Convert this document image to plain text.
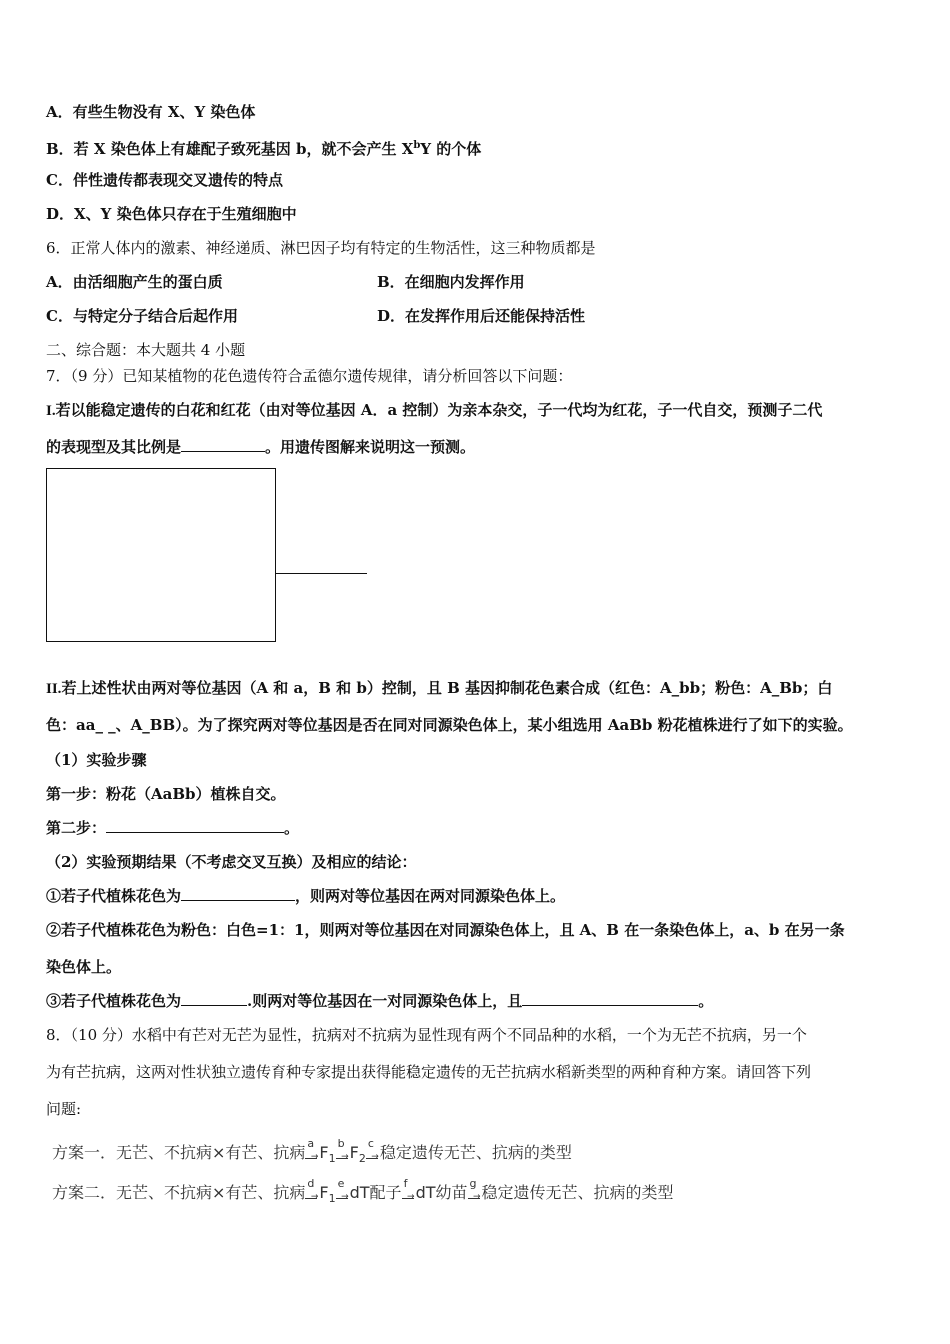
A．有些生物没有 X、Y 染色体
B．若 X 染色体上有雄配子致死基因 b，就不会产生 $X^bY$ 的个体
C．伴性遗传都表现交叉遗传的特点
D．X、Y 染色体只存在于生殖细胞中
6．正常人体内的激素、神经递质、淋巴因子均有特定的生物活性，这三种物质都是
A．由活细胞产生的蛋白质	B．在细胞内发挥作用
C．与特定分子结合后起作用	D．在发挥作用后还能保持活性
二、综合题：本大题共 4 小题
7．（9 分）已知某植物的花色遗传符合孟德尔遗传规律，请分析回答以下问题：
I.若以能稳定遗传的白花和红花（由对等位基因 A．a 控制）为亲本杂交，子一代均为红花，子一代自交，预测子二代
的表现型及其比例是	。用遗传图解来说明这一预测。
II.若上述性状由两对等位基因（A 和 a，B 和 b）控制，且 B 基因抑制花色素合成（红色：A_bb；粉色：A_Bb；白
色：aa_ _、A_BB）。为了探究两对等位基因是否在同对同源染色体上，某小组选用 AaBb 粉花植株进行了如下的实验。
（1）实验步骤
第一步：粉花（AaBb）植株自交。
第二步：	。
（2）实验预期结果（不考虑交叉互换）及相应的结论：
①若子代植株花色为	，则两对等位基因在两对同源染色体上。
②若子代植株花色为粉色：白色=1：1，则两对等位基因在对同源染色体上，且 A、B 在一条染色体上，a、b 在另一条
染色体上。
③若子代植株花色为	.则两对等位基因在一对同源染色体上，且	。
8．（10 分）水稻中有芒对无芒为显性，抗病对不抗病为显性现有两个不同品种的水稻，一个为无芒不抗病，另一个
为有芒抗病，这两对性状独立遗传育种专家提出获得能稳定遗传的无芒抗病水稻新类型的两种育种方案。请回答下列
问题:
方案一．无芒、不抗病×有芒、抗病 a
→ $F_1$
b
→ $F_2$
c
→ 稳定遗传无芒、抗病的类型
方案二．无芒、不抗病×有芒、抗病 d
→ $F_1$
e
→ dT配子 f
→ dT幼苗 g
→ 稳定遗传无芒、抗病的类型
